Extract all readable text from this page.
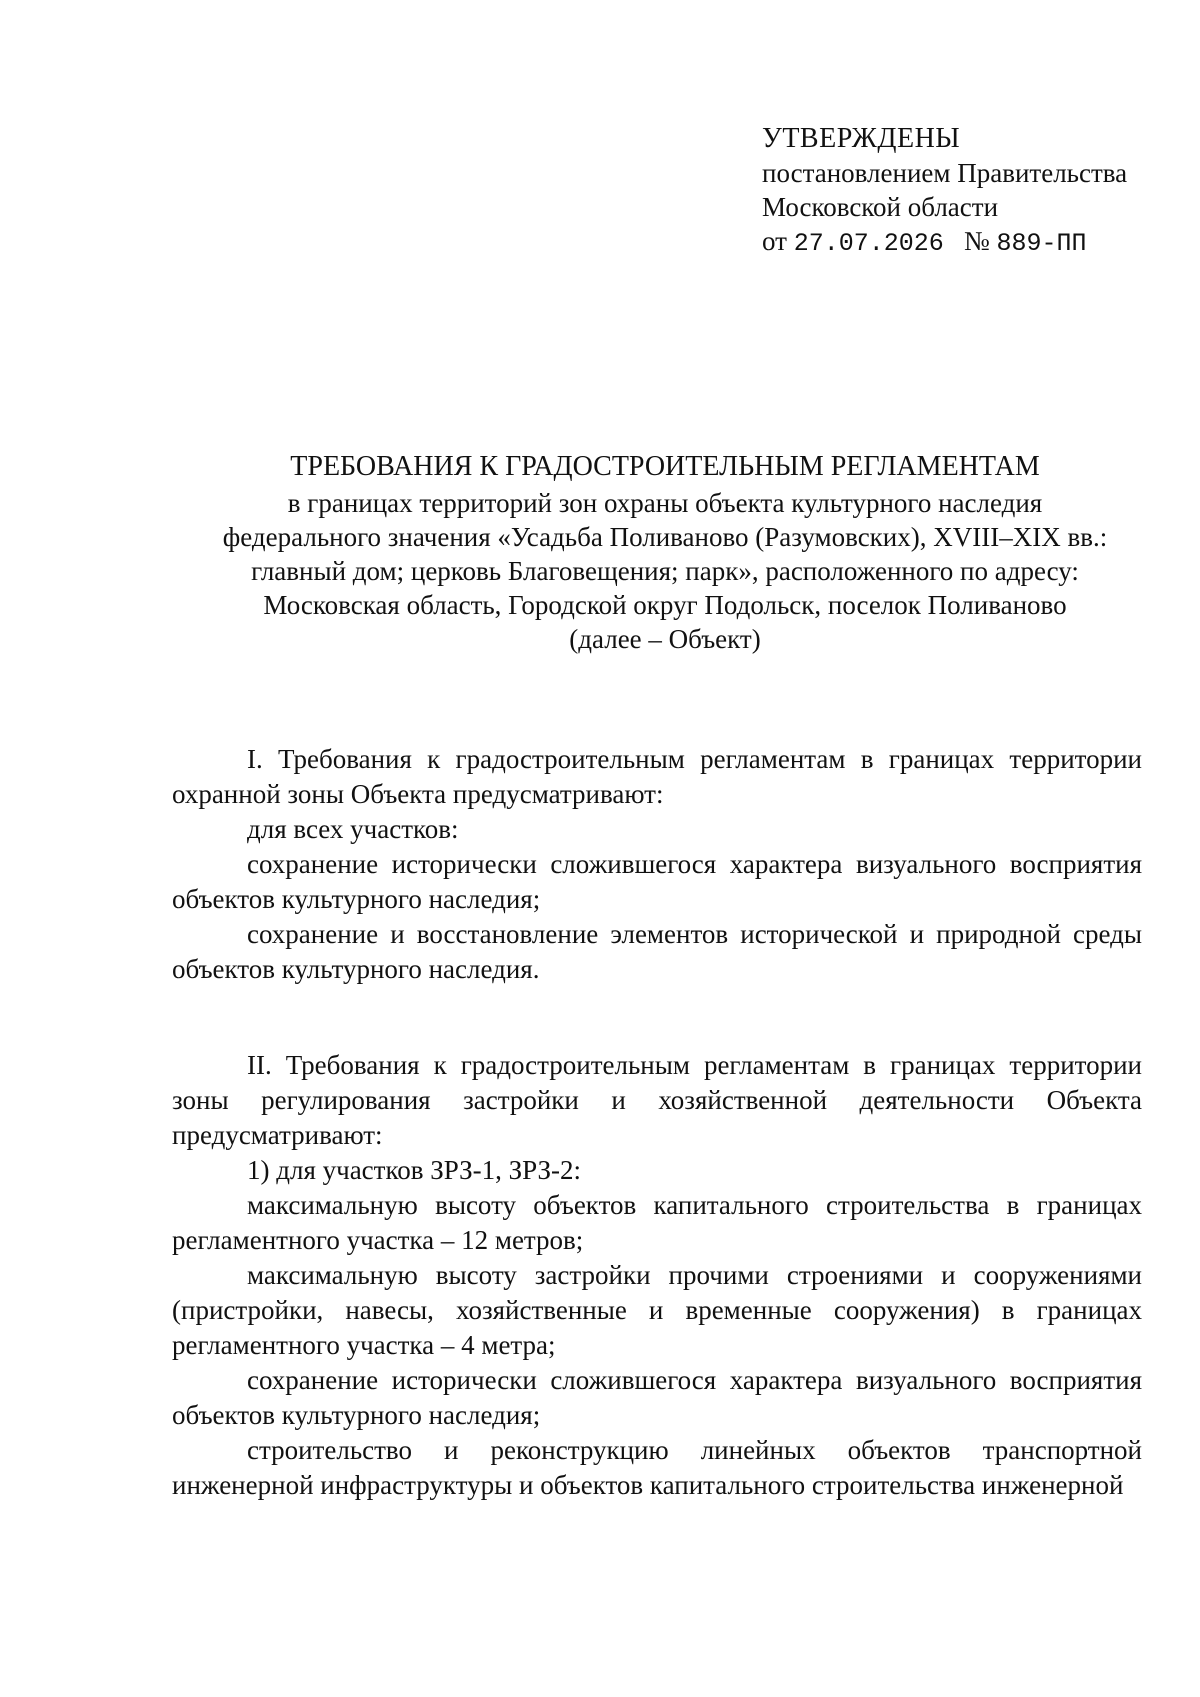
УТВЕРЖДЕНЫ
постановлением Правительства
Московской области
от 27.07.2026 № 889-ПП
ТРЕБОВАНИЯ К ГРАДОСТРОИТЕЛЬНЫМ РЕГЛАМЕНТАМ
в границах территорий зон охраны объекта культурного наследия
федерального значения «Усадьба Поливаново (Разумовских), XVIII–XIX вв.:
главный дом; церковь Благовещения; парк», расположенного по адресу:
Московская область, Городской округ Подольск, поселок Поливаново
(далее – Объект)

I. Требования к градостроительным регламентам в границах территории охранной зоны Объекта предусматривают:

для всех участков:

сохранение исторически сложившегося характера визуального восприятия объектов культурного наследия;

сохранение и восстановление элементов исторической и природной среды объектов культурного наследия.

II. Требования к градостроительным регламентам в границах территории зоны регулирования застройки и хозяйственной деятельности Объекта предусматривают:

1) для участков ЗРЗ-1, ЗРЗ-2:

максимальную высоту объектов капитального строительства в границах регламентного участка – 12 метров;

максимальную высоту застройки прочими строениями и сооружениями (пристройки, навесы, хозяйственные и временные сооружения) в границах регламентного участка – 4 метра;

сохранение исторически сложившегося характера визуального восприятия объектов культурного наследия;

строительство и реконструкцию линейных объектов транспортной инженерной инфраструктуры и объектов капитального строительства инженерной
